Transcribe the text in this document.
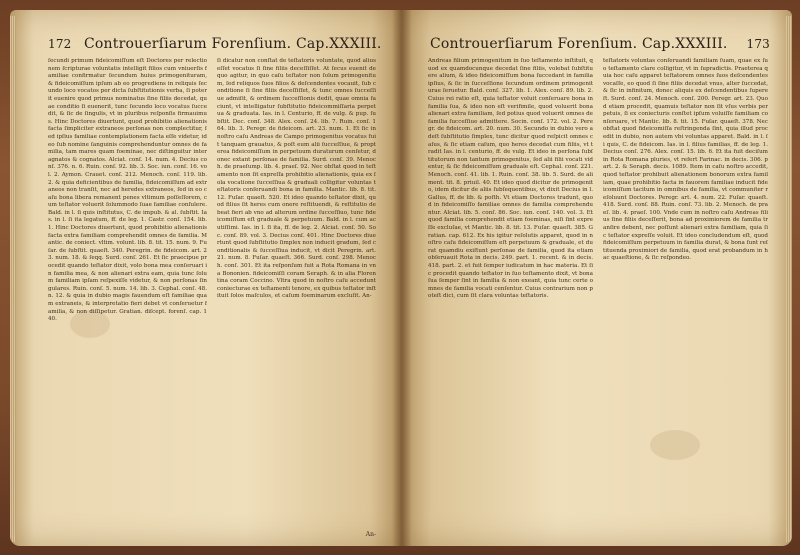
172 Controuerſiarum Forenſium. Cap.XXXIII.

ſecundi primum fideicomiſſum eſt Doctores per relectionem ſcripturae voluntatis intelligit filios cum vniuerſis familiae confirmatur ſecundum huius primogenituram, & fideicomiſſum ipſum ab eo progrediens in reliquis ſecundo loco vocatos per dicta ſubſtitutionis verba, ſi poterit euenire quod primus nominatus ſine filiis decedat, quae conditio ſi euenerit, tunc ſecundo loco vocatus ſuccedit, & ſic de ſingulis, vt in pluribus reſponſis firmauimus. Hinc Doctores diuertunt, quod prohibitio alienationis facta ſimpliciter extraneos perſonas non complectitur, ſed ipſius familiae contemplationem facta eſſe videtur, ideo ſub nomine ſanguinis comprehenduntur omnes de familia, tam mares quam foeminae, nec diſtinguitur inter agnatos & cognatos. Alciat. conſ. 14. num. 4. Decius conſ. 376. n. 6. Ruin. conſ. 92. lib. 3. Soc. iun. conſ. 16. vol. 2. Aymon. Crauet. conſ. 212. Menoch. conſ. 119. lib. 2. & quia deficientibus de familia, fideicomiſſum ad extraneos non tranſit, nec ad heredes extraneos, ſed in eo caſu bona libera remanent penes vltimum poſſeſſorem, cum teſtator voluerit ſolummodo ſuae familiae conſulere. Bald. in l. ſi quis inſtitutus, C. de impub. & al. ſubſtit. Ias. in l. ſi ita legatum, ff. de leg. 1. Castr. conſ. 154. lib. 1. Hinc Doctores diuertunt, quod prohibitio alienationis facta extra familiam comprehendit omnes de familia. Mantic. de coniect. vltim. volunt. lib. 8. tit. 15. num. 9. Fuſar. de ſubſtit. quaeſt. 340. Peregrin. de fideicom. art. 23. num. 18. & ſeqq. Surd. conſ. 261. Et ſic praecipue procedit quando teſtator dixit, volo bona mea conſeruari in familia mea, & non alienari extra eam, quia tunc ſolum familiam ipſam reſpexiſſe videtur, & non perſonas ſingulares. Ruin. conſ. 5. num. 14. lib. 3. Cephal. conſ. 48. n. 12. & quia in dubio magis fauendum eſt familiae quam extraneis, & interpretatio fieri debet vt conſeruetur familia, & non diſſipetur. Gratian. diſcept. forenſ. cap. 140.

ſi dicatur non conſtat de teſtatoris voluntate, quod alius eſſet vocatus ſi ſine filiis deceſſiſſet. At ſecus euenit de quo agitur, in quo caſu teſtator non ſolum primogenitum, ſed reliquos ſuos filios & deſcendentes vocauit, ſub conditione ſi ſine filiis deceſſiſſet, & tunc omnes ſucceſſiue admiſit, & ordinem ſucceſſionis dedit, quae omnia faciunt, vt intelligatur ſubſtitutio fideicommiſſaria perpetua & graduata. Ias. in l. Centurio, ff. de vulg. & pup. ſubſtit. Dec. conſ. 348. Alex. conſ. 24. lib. 7. Ruin. conſ. 164. lib. 3. Peregr. de fideicom. art. 23. num. 1. Et ſic in noſtro caſu Andreas de Campo primogenitus vocatus fuit tanquam grauatus, & poſt eum alii ſucceſſiue, & propterea fideicomiſſum in perpetuum duraturum cenſetur, donec extant perſonae de familia. Surd. conſ. 39. Menoch. de praeſump. lib. 4. praeſ. 92. Nec obſtat quod in teſtamento non ſit expreſſa prohibitio alienationis, quia ex ſola vocatione ſucceſſiua & graduali colligitur voluntas teſtatoris conſeruandi bona in familia. Mantic. lib. 8. tit. 12. Fuſar. quaeſt. 520. Et ideo quando teſtator dixit, quod filius ſit heres cum onere reſtituendi, & reſtitutio debeat fieri ab vno ad alterum ordine ſucceſſiuo, tunc fideicomiſſum eſt graduale & perpetuum. Bald. in l. cum acutiſſimi. Ias. in l. ſi ita, ff. de leg. 2. Alciat. conſ. 50. Soc. conſ. 89. vol. 3. Decius conſ. 401. Hinc Doctores diuertunt quod ſubſtitutio ſimplex non inducit gradum, ſed conditionalis & ſucceſſiua inducit, vt dicit Peregrin. art. 21. num. 8. Fuſar. quaeſt. 366. Surd. conſ. 298. Menoch. conſ. 301. Et ita reſponſum fuit a Rota Romana in vna Bononien. fideicomiſſi coram Seraph. & in alia Florentina coram Coccino. Vltra quod in noſtro caſu accedunt coniecturae ex teſtamenti tenore, ex quibus teſtator inſtituit ſolos maſculos, et caſum foeminarum excluſit. An-

An-
Controuerſiarum Forenſium. Cap.XXXIII. 173

Andreas filium primogenitum in ſuo teſtamento inſtituit, quod ex quamdocunque decedat ſine filiis, volebat ſubſtituere alium, & ideo fideicomiſſum bona ſuccedant in familia ipſius, & ſic in ſucceſſione ſecundum ordinem primogeniturae ſeruetur. Bald. conſ. 327. lib. 1. Alex. conſ. 89. lib. 2. Cuius rei ratio eſt, quia teſtator voluit conſeruare bona in familia ſua, & ideo non eſt verifimile, quod voluerit bona alienari extra familiam, ſed potius quod voluerit omnes de familia ſucceſſiue admittere. Socin. conſ. 172. vol. 2. Peregr. de fideicom. art. 20. num. 30. Secundo in dubio vero adeſt ſubſtitutio ſimplex, tunc dicitur quod reſpicit omnes caſus, & ſic etiam caſum, quo heres decedat cum filiis, vt tradit Ias. in l. centurio, ff. de vulg. Et ideo in perſona ſubſtitutorum non tantum primogenitus, ſed alii filii vocati videntur, & ſic fideicomiſſum graduale eſt. Cephal. conſ. 221. Menoch. conſ. 41. lib. 1. Ruin. conſ. 38. lib. 5. Surd. de aliment. tit. 8. priuil. 40. Et ideo quod dicitur de primogenito, idem dicitur de aliis ſubſequentibus, vt dixit Decius in l. Gallus, ff. de lib. & poſth. Vt etiam Doctores tradunt, quod in fideicomiſſo familiae omnes de familia comprehenduntur. Alciat. lib. 5. conſ. 86. Soc. iun. conſ. 140. vol. 3. Et quod familia comprehendit etiam foeminas, niſi ſint expreſſe excluſae, vt Mantic. lib. 8. tit. 13. Fuſar. quaeſt. 385. Gratian. cap. 612. Ex his igitur reſolutis apparet, quod in noſtro caſu fideicomiſſum eſt perpetuum & graduale, et durat quamdiu exiſtunt perſonae de familia, quod ita etiam obſeruauit Rota in decis. 249. part. 1. recent. & in decis. 418. part. 2. et fuit ſemper iudicatum in hac materia. Et ſic procedit quando teſtator in ſuo teſtamento dixit, vt bona ſua ſemper ſint in familia & non exeant, quia tunc certe omnes de familia vocati cenſentur. Cuius contrarium non poteſt dici, cum ſit clara voluntas teſtatoris.

teſtatoris voluntas conſeruandi familiam ſuam, quae ex ſuo teſtamento clare colligitur, vt in ſupradictis. Praeterea quia hoc caſu apparet teſtatorem omnes ſuos deſcendentes vocaſſe, eo quod ſi ſine filiis decedat vnus, alter ſuccedat, & ſic in infinitum, donec aliquis ex deſcendentibus ſupereſt. Surd. conſ. 24. Menoch. conſ. 200. Peregr. art. 23. Quod etiam procedit, quamuis teſtator non ſit vſus verbis perpetuis, ſi ex coniecturis conſtet ipſum voluiſſe familiam conſeruare, vt Mantic. lib. 8. tit. 15. Fuſar. quaeſt. 378. Nec obſtat quod fideicomiſſa reſtringenda ſint, quia illud procedit in dubio, non autem vbi voluntas apparet. Bald. in l. ſi quis, C. de fideicom. Ias. in l. filius familias, ff. de leg. 1. Decius conſ. 276. Alex. conſ. 15. lib. 6. Et ita fuit deciſum in Rota Romana pluries, vt refert Farinac. in decis. 306. part. 2. & Seraph. decis. 1089. Item in caſu noſtro accedit, quod teſtator prohibuit alienationem bonorum extra familiam, quae prohibitio facta in fauorem familiae inducit fideicomiſſum tacitum in omnibus de familia, vt communiter reſoluunt Doctores. Peregr. art. 4. num. 22. Fuſar. quaeſt. 418. Surd. conſ. 88. Ruin. conſ. 73. lib. 2. Menoch. de praeſ. lib. 4. praeſ. 100. Vnde cum in noſtro caſu Andreas filius ſine filiis deceſſerit, bona ad proximiorem de familia tranſire debent, nec poſſunt alienari extra familiam, quia ſic teſtator expreſſe voluit. Et ideo concludendum eſt, quod fideicomiſſum perpetuum in familia durat, & bona ſunt reſtituenda proximiori de familia, quod erat probandum in hac quaeſtione, & ſic reſpondeo.
